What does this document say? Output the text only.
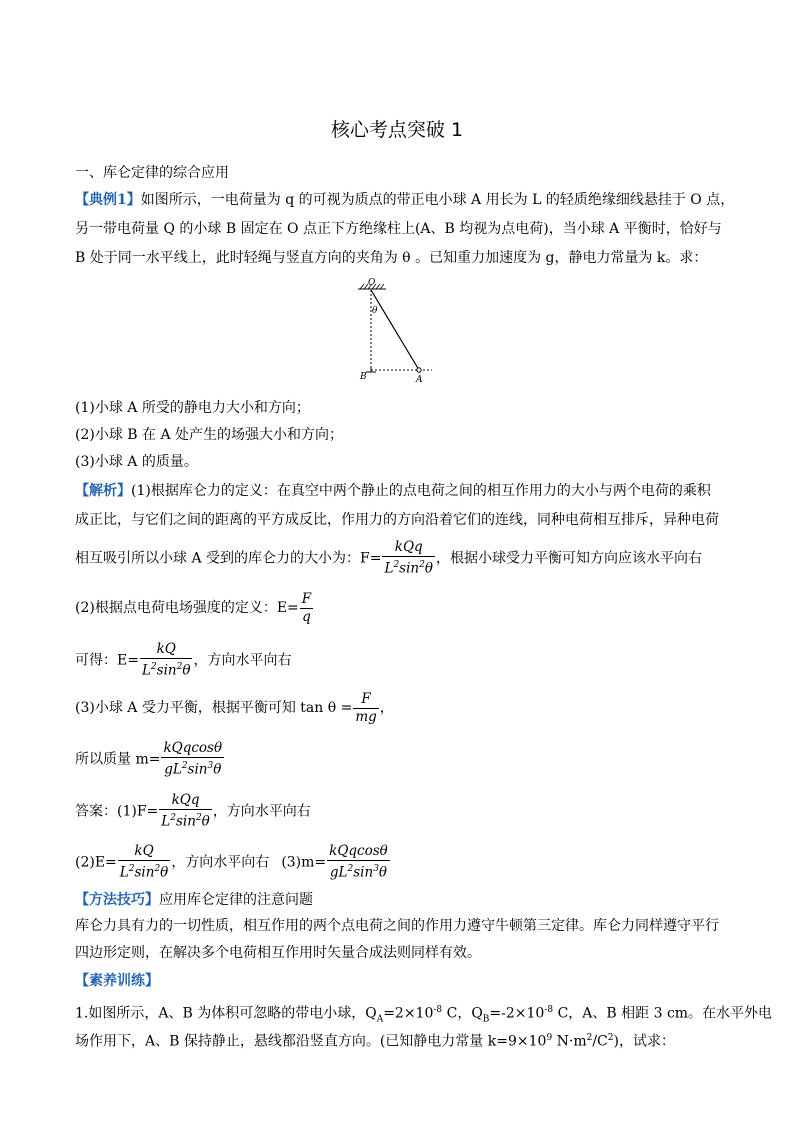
核心考点突破 1
一、库仑定律的综合应用
【典例1】如图所示，一电荷量为 q 的可视为质点的带正电小球 A 用长为 L 的轻质绝缘细线悬挂于 O 点，
另一带电荷量 Q 的小球 B 固定在 O 点正下方绝缘柱上(A、B 均视为点电荷)，当小球 A 平衡时，恰好与
B 处于同一水平线上，此时轻绳与竖直方向的夹角为 θ 。已知重力加速度为 g，静电力常量为 k。求：
O
θ
B	A
(1)小球 A 所受的静电力大小和方向；
(2)小球 B 在 A 处产生的场强大小和方向；
(3)小球 A 的质量。
【解析】(1)根据库仑力的定义：在真空中两个静止的点电荷之间的相互作用力的大小与两个电荷的乘积
成正比，与它们之间的距离的平方成反比，作用力的方向沿着它们的连线，同种电荷相互排斥，异种电荷
相互吸引所以小球 A 受到的库仑力的大小为：F=
kQq
$L^2\sin^2\theta$
，根据小球受力平衡可知方向应该水平向右
(2)根据点电荷电场强度的定义：$E= \frac{F}{q}$
可得：$E= \frac{kQ}{L^2\sin^2\theta}$ ，方向水平向右
(3)小球 A 受力平衡，根据平衡可知 $\tan \theta = \frac{F}{mg}$ ，
所以质量 m=
kQqcosθ
$gL^2\sin^3\theta$
答案：(1)F=
kQq
$L^2\sin^2\theta$
，方向水平向右
$(2)E= \frac{kQ}{L^2\sin^2\theta}$ ，方向水平向右 (3)m=
kQqcosθ
$gL^2\sin^3\theta$
【方法技巧】应用库仑定律的注意问题
库仑力具有力的一切性质，相互作用的两个点电荷之间的作用力遵守牛顿第三定律。库仑力同样遵守平行
四边形定则，在解决多个电荷相互作用时矢量合成法则同样有效。
【素养训练】
1.如图所示，A、B 为体积可忽略的带电小球，$Q_A=2\times 10^{-8}$ C，$Q_B=-2\times 10^{-8}$ C，A、B 相距 3 cm。在水平外电
场作用下，A、B 保持静止，悬线都沿竖直方向。(已知静电力常量 $k=9\times 10^9$ $N\cdot m^2/C^2$)，试求：
